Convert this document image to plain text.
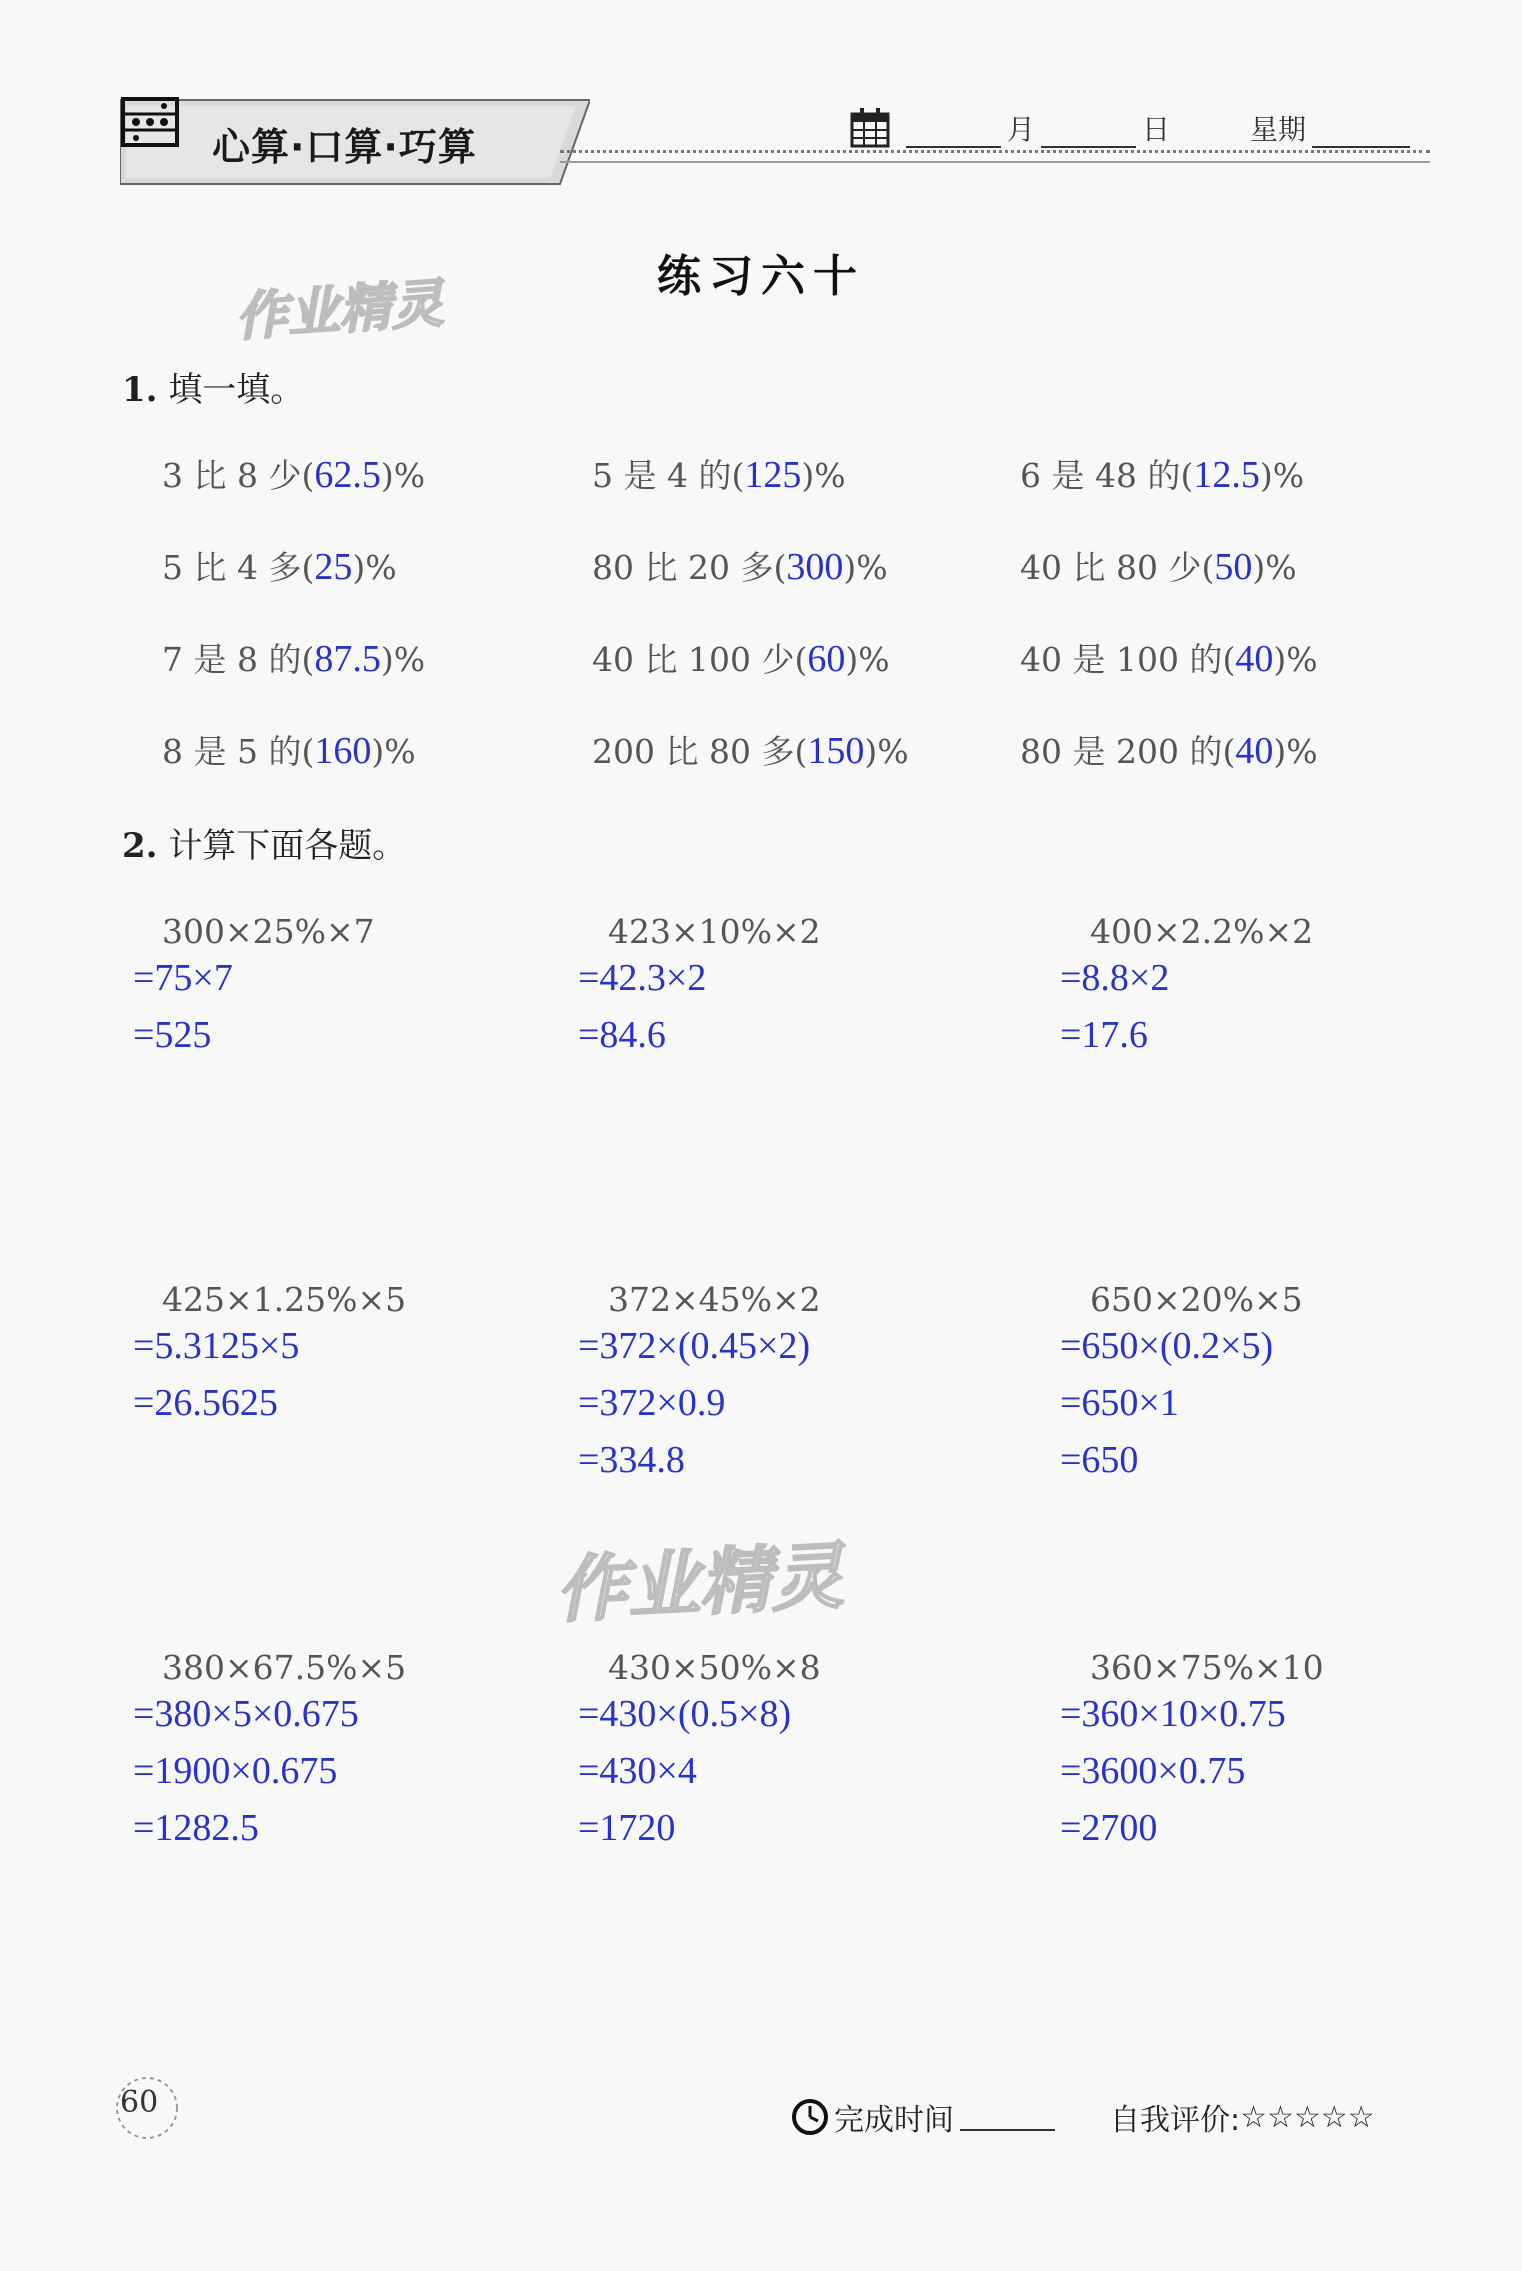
心算·口算·巧算	月	日	星期
练习六十
作业精灵
1. 填一填。
3 比 8 少(62.5)%	5 是 4 的(125)%	6 是 48 的(12.5)%
5 比 4 多(25)%	80 比 20 多(300)%	40 比 80 少(50)%
7 是 8 的(87.5)%	40 比 100 少(60)%	40 是 100 的(40)%
8 是 5 的(160)%	200 比 80 多(150)%	80 是 200 的(40)%
2. 计算下面各题。
300×25%×7
=75×7
=525
423×10%×2
=42.3×2
=84.6
400×2.2%×2
=8.8×2
=17.6
425×1.25%×5
=5.3125×5
=26.5625
372×45%×2
=372×(0.45×2)
=372×0.9
=334.8
650×20%×5
=650×(0.2×5)
=650×1
=650
380×67.5%×5
=380×5×0.675
=1900×0.675
=1282.5
430×50%×8
=430×(0.5×8)
=430×4
=1720
360×75%×10
=360×10×0.75
=3600×0.75
=2700
作业精灵
60
完成时间	自我评价: ☆☆☆☆☆
